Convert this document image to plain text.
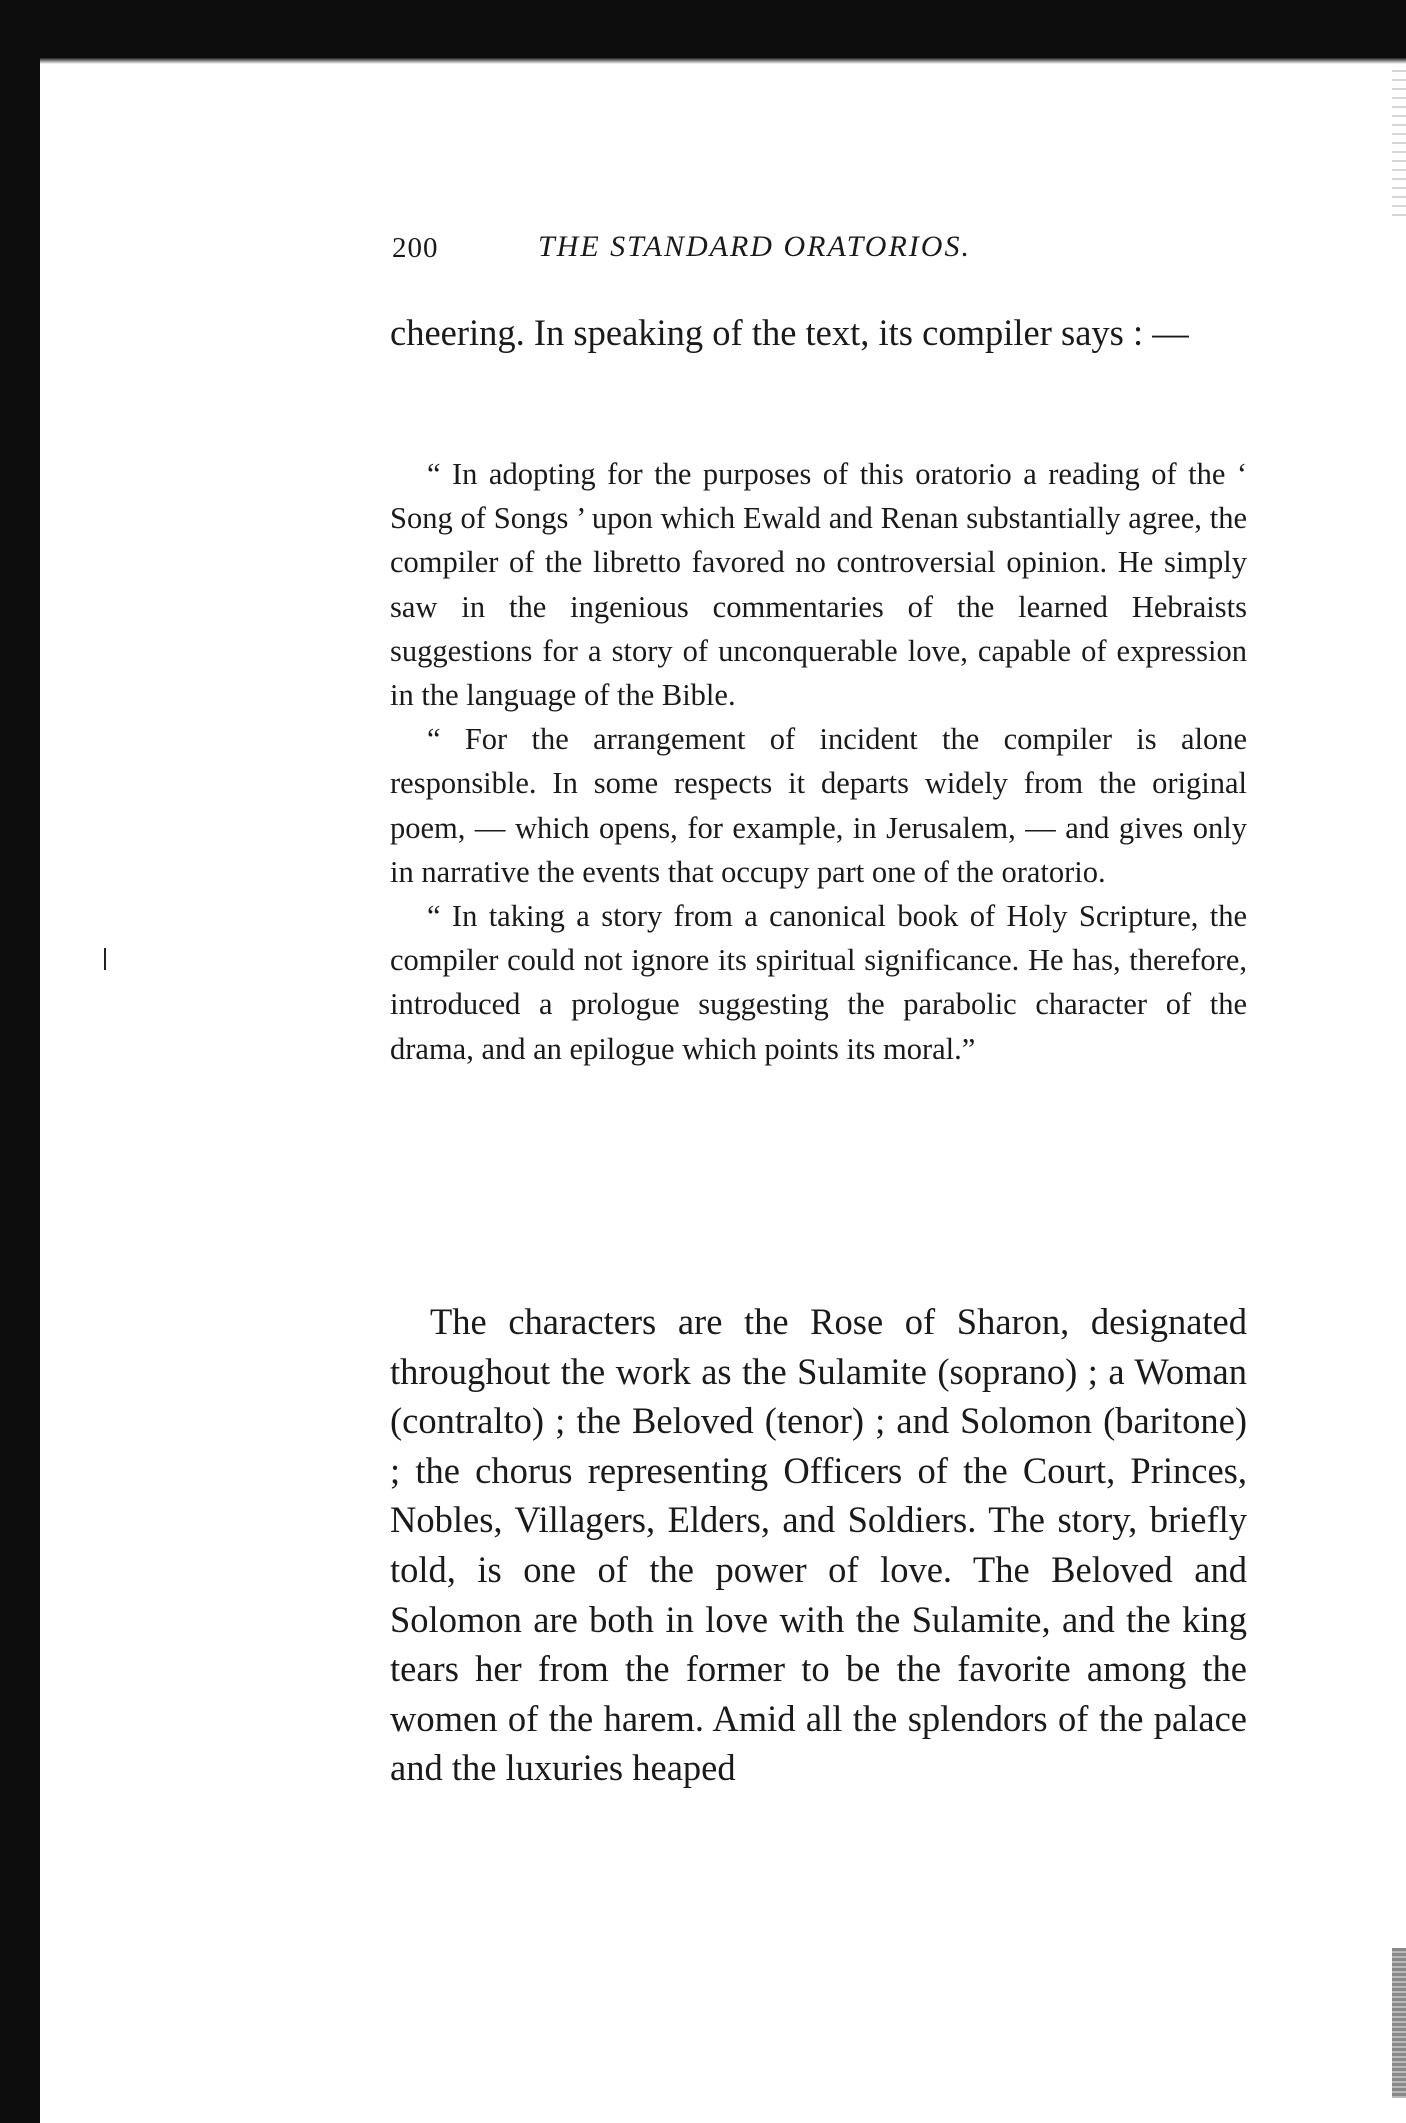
200	THE STANDARD ORATORIOS.

cheering. In speaking of the text, its compiler says : —

“ In adopting for the purposes of this oratorio a reading of the ‘ Song of Songs ’ upon which Ewald and Renan substantially agree, the compiler of the libretto favored no controversial opinion. He simply saw in the ingenious commentaries of the learned Hebraists suggestions for a story of unconquerable love, capable of expression in the language of the Bible.

“ For the arrangement of incident the compiler is alone responsible. In some respects it departs widely from the original poem, — which opens, for example, in Jerusalem, — and gives only in narrative the events that occupy part one of the oratorio.

“ In taking a story from a canonical book of Holy Scripture, the compiler could not ignore its spiritual significance. He has, therefore, introduced a prologue suggesting the parabolic character of the drama, and an epilogue which points its moral.”

The characters are the Rose of Sharon, designated throughout the work as the Sulamite (soprano) ; a Woman (contralto) ; the Beloved (tenor) ; and Solomon (baritone) ; the chorus representing Officers of the Court, Princes, Nobles, Villagers, Elders, and Soldiers. The story, briefly told, is one of the power of love. The Beloved and Solomon are both in love with the Sulamite, and the king tears her from the former to be the favorite among the women of the harem. Amid all the splendors of the palace and the luxuries heaped
